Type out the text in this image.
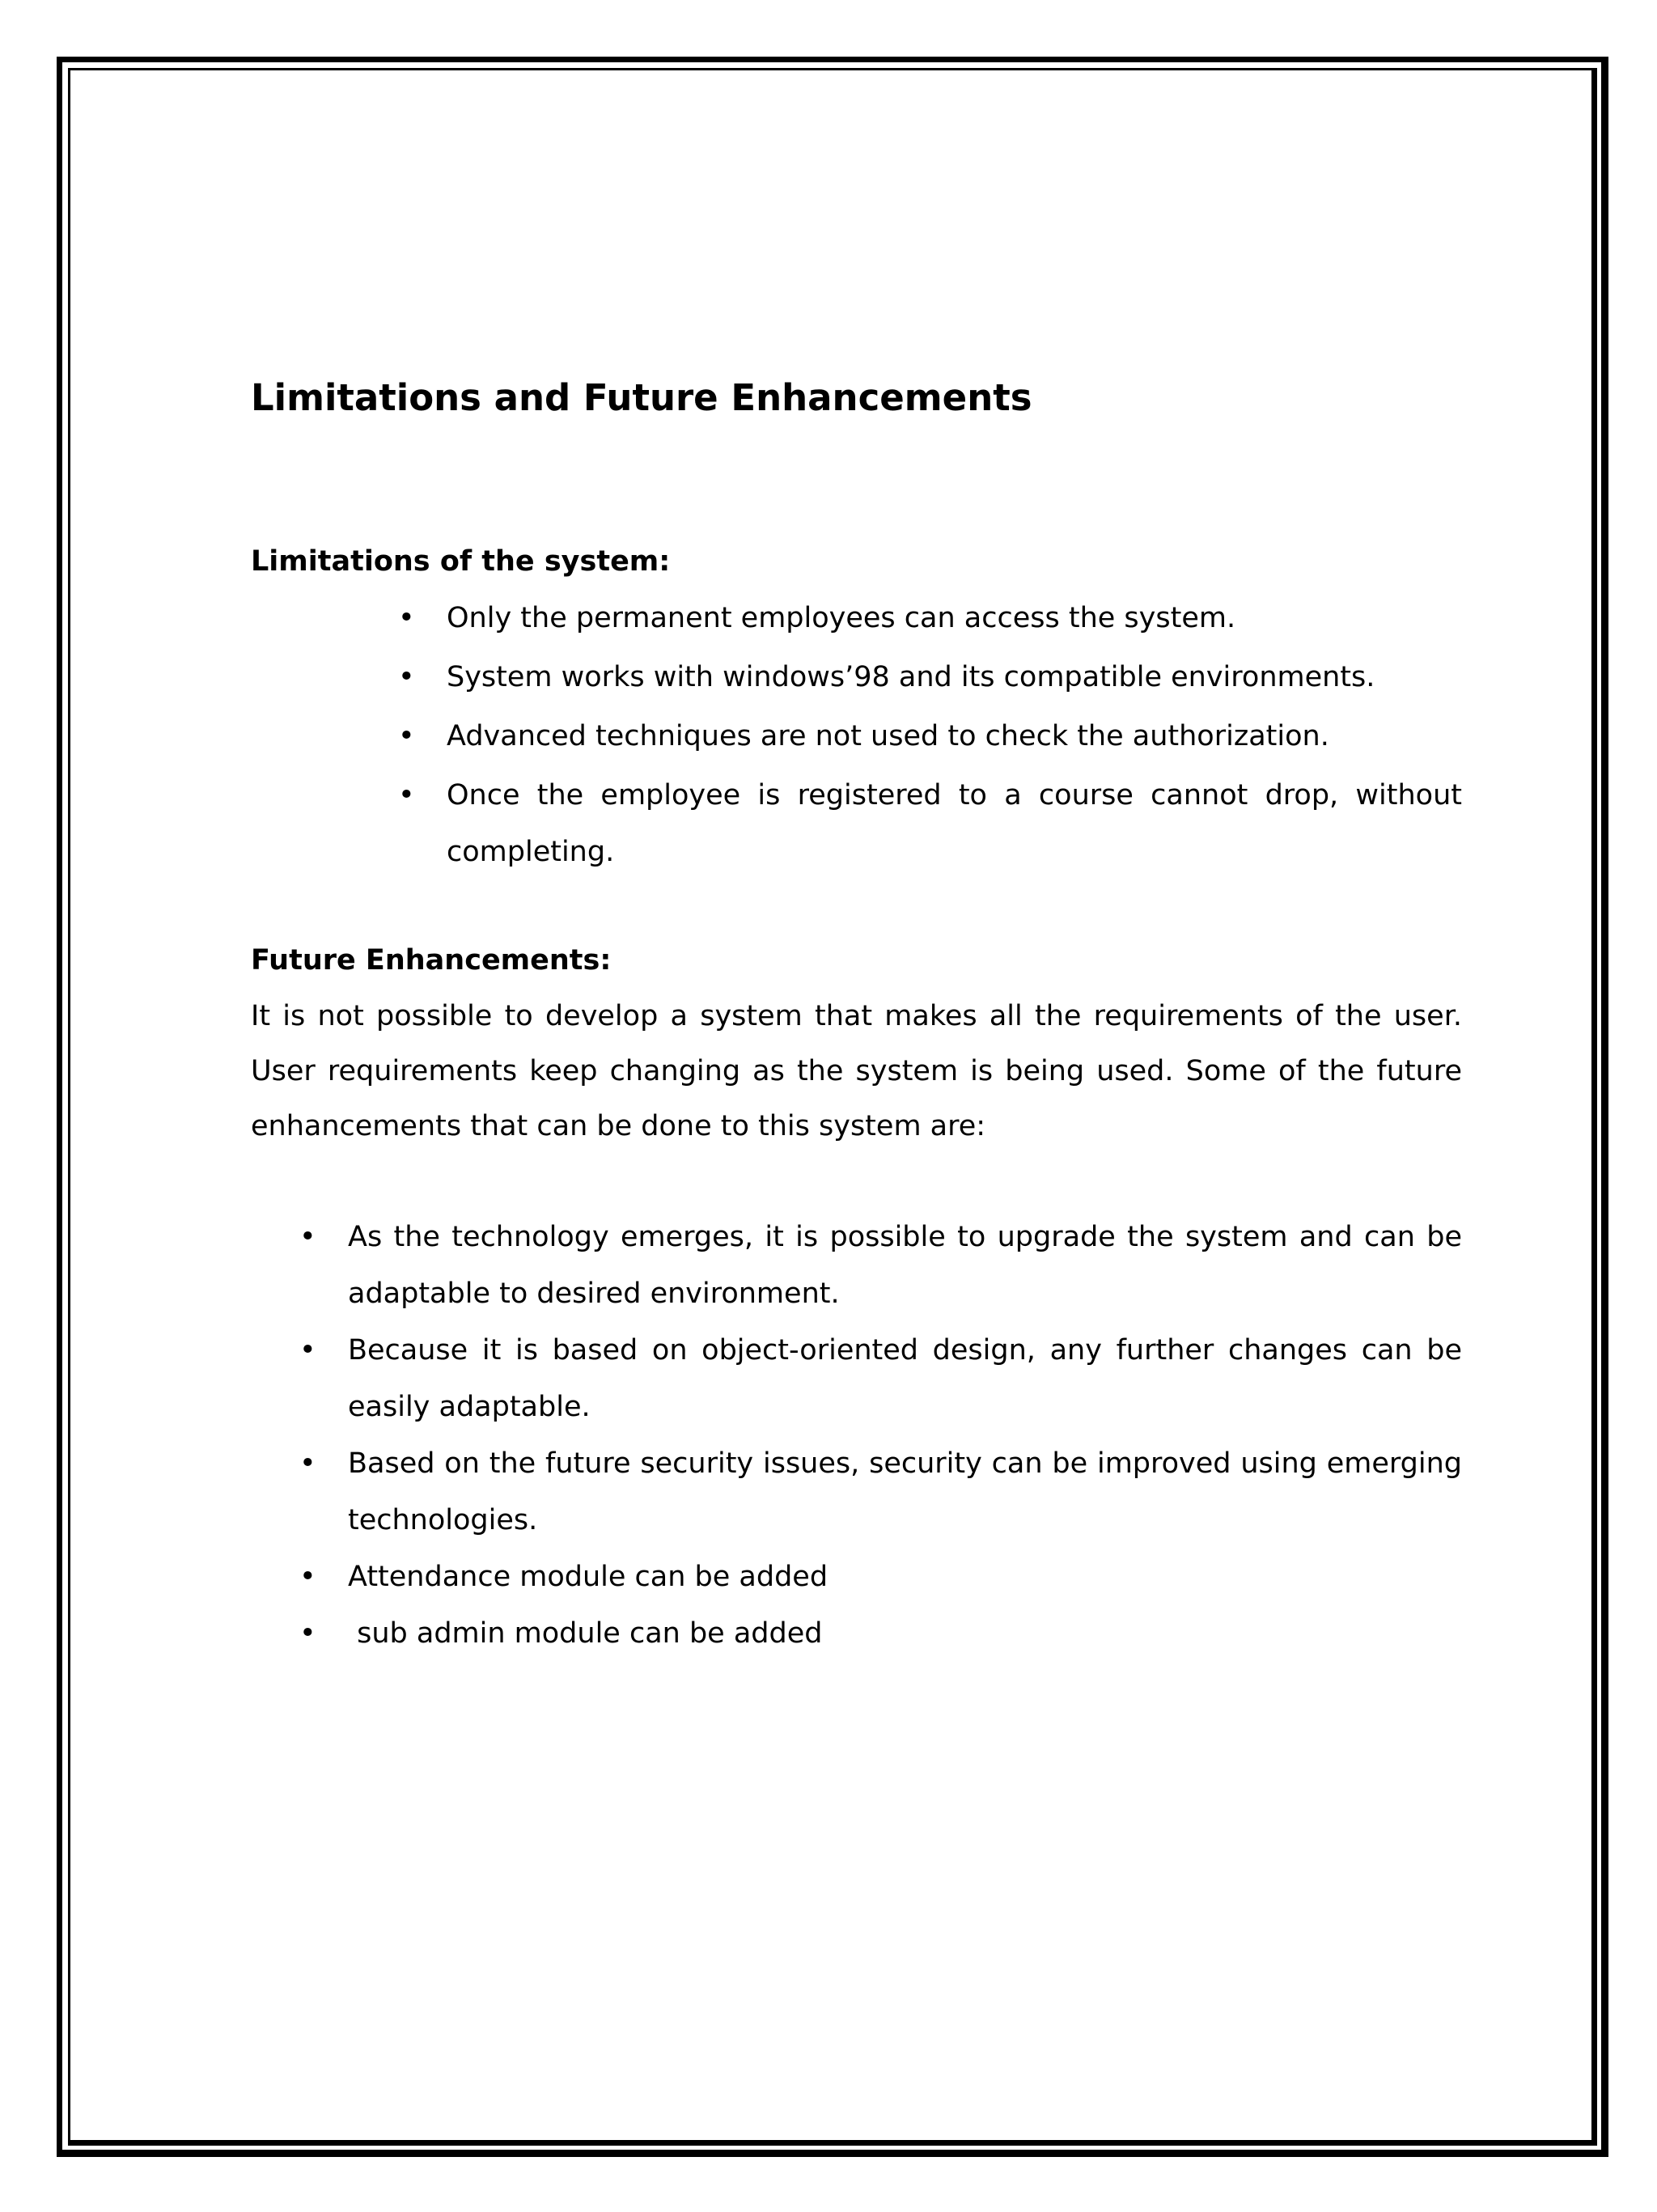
Limitations and Future Enhancements
Limitations of the system:
• Only the permanent employees can access the system.
• System works with windows’98 and its compatible environments.
• Advanced techniques are not used to check the authorization.
• Once the employee is registered to a course cannot drop, without completing.
Future Enhancements:

It is not possible to develop a system that makes all the requirements of the user. User requirements keep changing as the system is being used. Some of the future enhancements that can be done to this system are:

• As the technology emerges, it is possible to upgrade the system and can be adaptable to desired environment.
• Because it is based on object-oriented design, any further changes can be easily adaptable.
• Based on the future security issues, security can be improved using emerging technologies.
• Attendance module can be added
• sub admin module can be added
